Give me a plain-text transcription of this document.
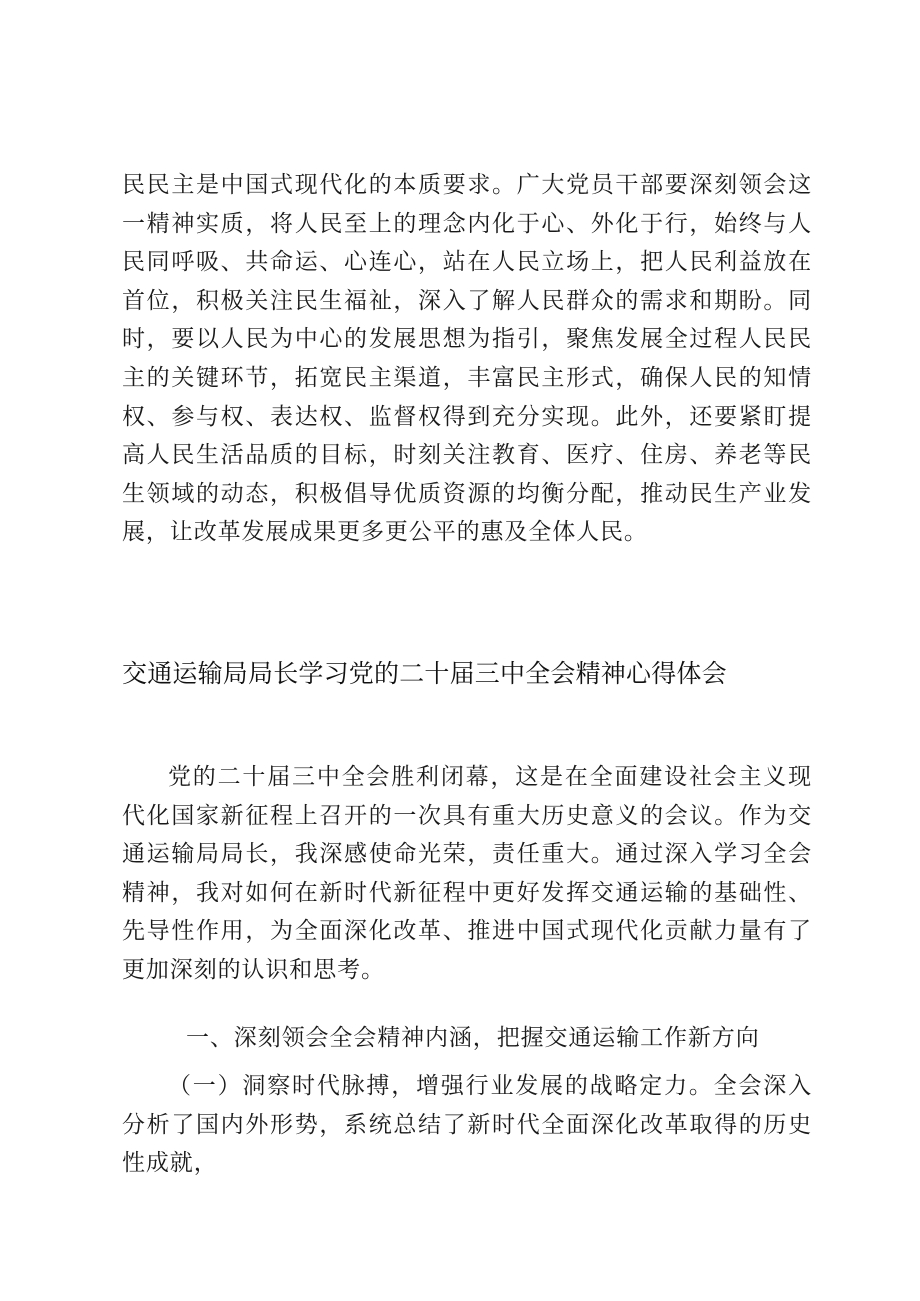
民民主是中国式现代化的本质要求。广大党员干部要深刻领会这一精神实质，将人民至上的理念内化于心、外化于行，始终与人民同呼吸、共命运、心连心，站在人民立场上，把人民利益放在首位，积极关注民生福祉，深入了解人民群众的需求和期盼。同时，要以人民为中心的发展思想为指引，聚焦发展全过程人民民主的关键环节，拓宽民主渠道，丰富民主形式，确保人民的知情权、参与权、表达权、监督权得到充分实现。此外，还要紧盯提高人民生活品质的目标，时刻关注教育、医疗、住房、养老等民生领域的动态，积极倡导优质资源的均衡分配，推动民生产业发展，让改革发展成果更多更公平的惠及全体人民。

交通运输局局长学习党的二十届三中全会精神心得体会

党的二十届三中全会胜利闭幕，这是在全面建设社会主义现代化国家新征程上召开的一次具有重大历史意义的会议。作为交通运输局局长，我深感使命光荣，责任重大。通过深入学习全会精神，我对如何在新时代新征程中更好发挥交通运输的基础性、先导性作用，为全面深化改革、推进中国式现代化贡献力量有了更加深刻的认识和思考。

一、深刻领会全会精神内涵，把握交通运输工作新方向

（一）洞察时代脉搏，增强行业发展的战略定力。全会深入分析了国内外形势，系统总结了新时代全面深化改革取得的历史性成就，
